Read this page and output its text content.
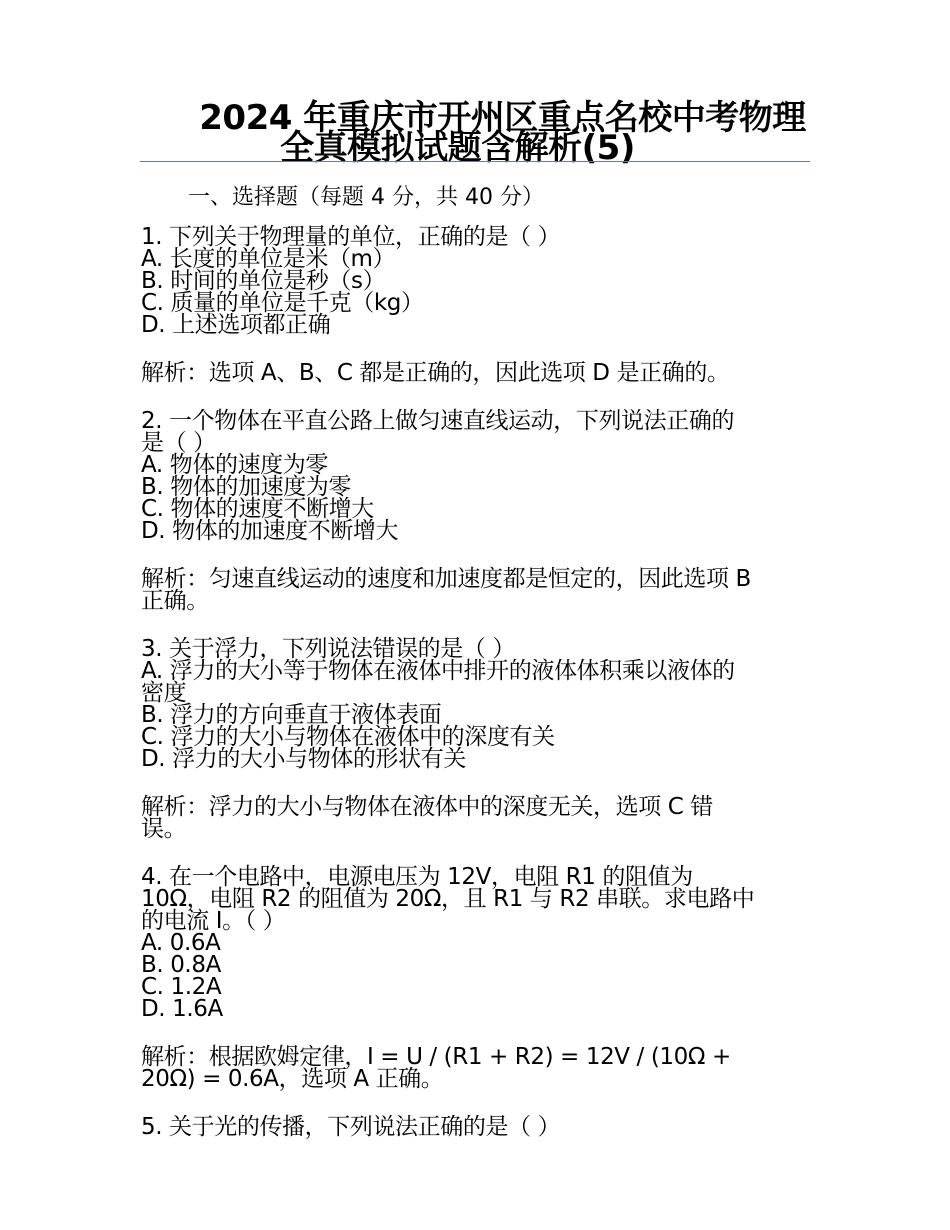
2024 年重庆市开州区重点名校中考物理
全真模拟试题含解析(5)
一、选择题（每题 4 分，共 40 分）
1. 下列关于物理量的单位，正确的是（ ）
A. 长度的单位是米（m）
B. 时间的单位是秒（s）
C. 质量的单位是千克（kg）
D. 上述选项都正确
解析：选项 A、B、C 都是正确的，因此选项 D 是正确的。
2. 一个物体在平直公路上做匀速直线运动，下列说法正确的
是（ ）
A. 物体的速度为零
B. 物体的加速度为零
C. 物体的速度不断增大
D. 物体的加速度不断增大
解析：匀速直线运动的速度和加速度都是恒定的，因此选项 B
正确。
3. 关于浮力，下列说法错误的是（ ）
A. 浮力的大小等于物体在液体中排开的液体体积乘以液体的
密度
B. 浮力的方向垂直于液体表面
C. 浮力的大小与物体在液体中的深度有关
D. 浮力的大小与物体的形状有关
解析：浮力的大小与物体在液体中的深度无关，选项 C 错
误。
4. 在一个电路中，电源电压为 12V，电阻 R1 的阻值为
10Ω，电阻 R2 的阻值为 20Ω，且 R1 与 R2 串联。求电路中
的电流 I。（ ）
A. 0.6A
B. 0.8A
C. 1.2A
D. 1.6A
解析：根据欧姆定律，I = U / (R1 + R2) = 12V / (10Ω +
20Ω) = 0.6A，选项 A 正确。
5. 关于光的传播，下列说法正确的是（ ）
